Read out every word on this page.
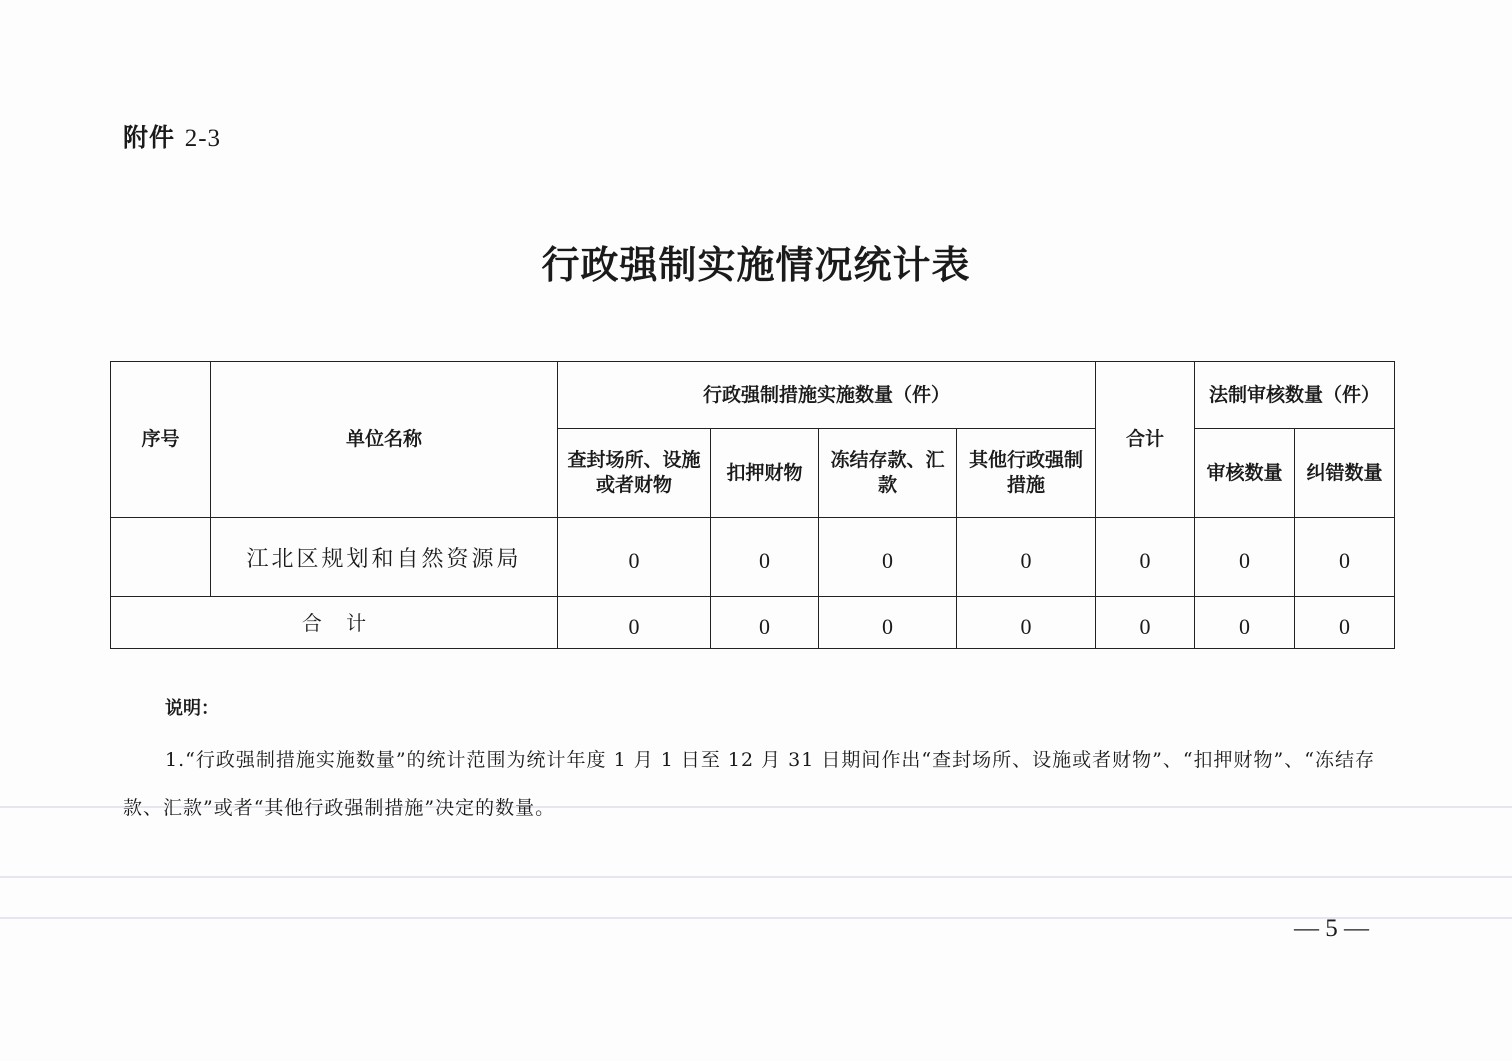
附件 2-3
行政强制实施情况统计表
序号	单位名称	行政强制措施实施数量（件）				合计	法制审核数量（件）	
		查封场所、设施或者财物	扣押财物	冻结存款、汇款	其他行政强制措施		审核数量	纠错数量
	江北区规划和自然资源局	0	0	0	0	0	0	0
合 计		0	0	0	0	0	0	0
说明：
1.“行政强制措施实施数量”的统计范围为统计年度 1 月 1 日至 12 月 31 日期间作出“查封场所、设施或者财物”、“扣押财物”、“冻结存款、汇款”或者“其他行政强制措施”决定的数量。
— 5 —
